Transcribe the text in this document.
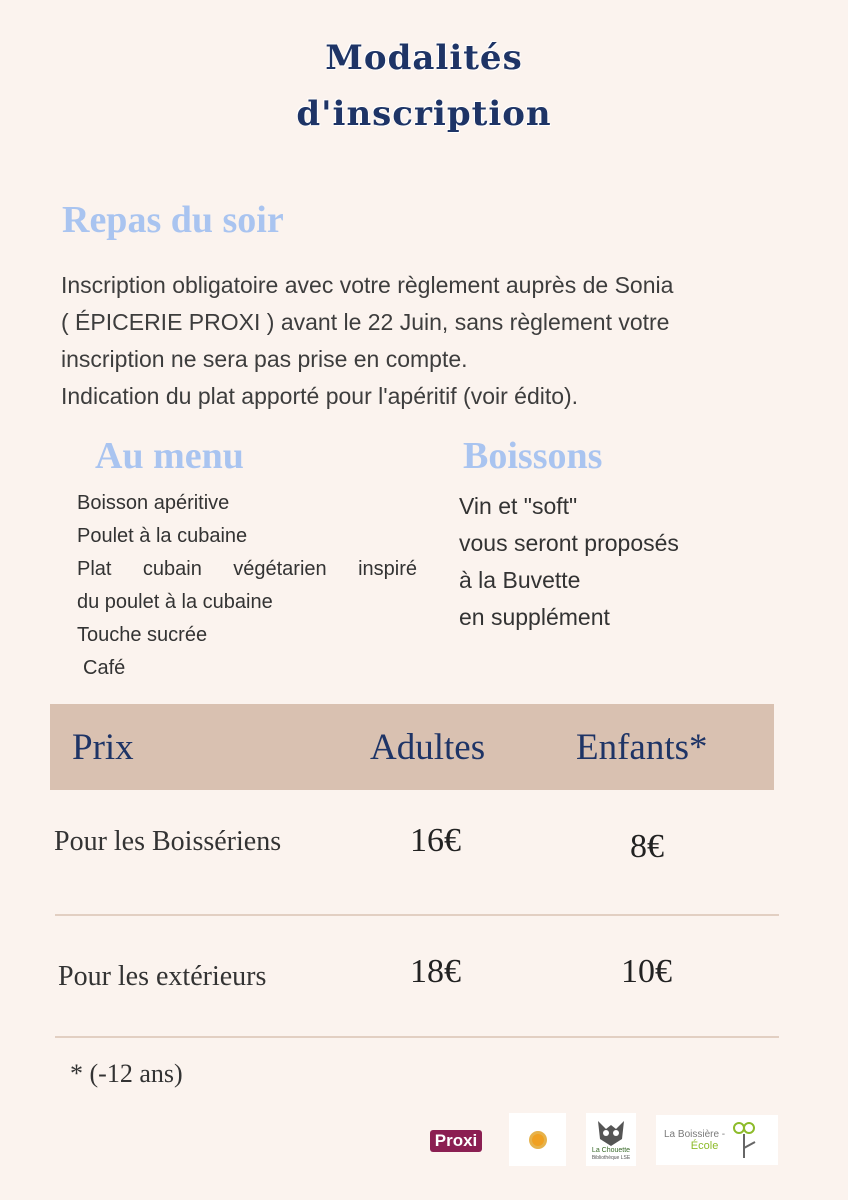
Modalités
d'inscription
Repas du soir
Inscription obligatoire avec votre règlement auprès de Sonia
( ÉPICERIE PROXI ) avant le 22 Juin, sans règlement votre
inscription ne sera pas prise en compte.
Indication du plat apporté pour l'apéritif (voir édito).
Au menu
Boisson apéritive
Poulet à la cubaine
Plat cubain végétarien inspiré
du poulet à la cubaine
Touche sucrée
Café
Boissons
Vin et "soft"
vous seront proposés
à la Buvette
en supplément
Prix	Adultes Enfants*
Pour les Boissériens	16€	8€
Pour les extérieurs	18€	10€
* (-12 ans)
Proxi	La Chouette
Bibliothèque LSE
La Boissière -
École
